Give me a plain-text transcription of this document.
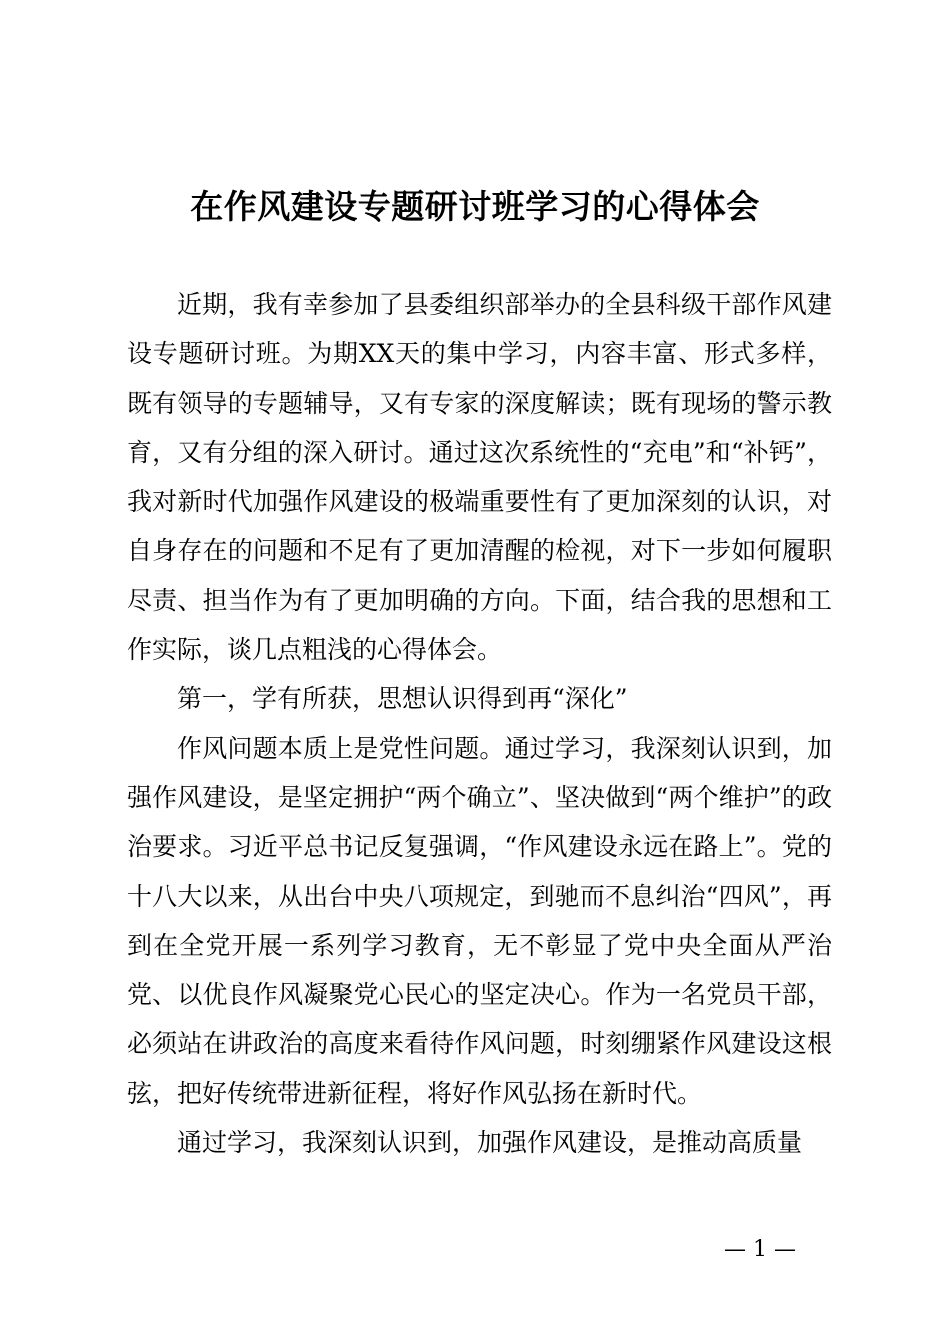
在作风建设专题研讨班学习的心得体会

近期，我有幸参加了县委组织部举办的全县科级干部作风建设专题研讨班。为期XX天的集中学习，内容丰富、形式多样，既有领导的专题辅导，又有专家的深度解读；既有现场的警示教育，又有分组的深入研讨。通过这次系统性的“充电”和“补钙”，我对新时代加强作风建设的极端重要性有了更加深刻的认识，对自身存在的问题和不足有了更加清醒的检视，对下一步如何履职尽责、担当作为有了更加明确的方向。下面，结合我的思想和工作实际，谈几点粗浅的心得体会。

第一，学有所获，思想认识得到再“深化”

作风问题本质上是党性问题。通过学习，我深刻认识到，加强作风建设，是坚定拥护“两个确立”、坚决做到“两个维护”的政治要求。习近平总书记反复强调，“作风建设永远在路上”。党的十八大以来，从出台中央八项规定，到驰而不息纠治“四风”，再到在全党开展一系列学习教育，无不彰显了党中央全面从严治党、以优良作风凝聚党心民心的坚定决心。作为一名党员干部，必须站在讲政治的高度来看待作风问题，时刻绷紧作风建设这根弦，把好传统带进新征程，将好作风弘扬在新时代。

通过学习，我深刻认识到，加强作风建设，是推动高质量

— 1 —
